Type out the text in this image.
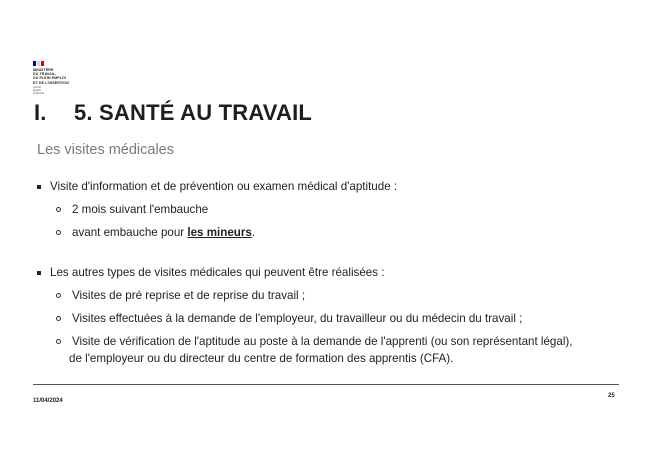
MINISTÈRE
DU TRAVAIL,
DU PLEIN EMPLOI
ET DE L'INSERTION
Liberté
Égalité
Fraternité
I. 5. SANTÉ AU TRAVAIL
Les visites médicales
Visite d'information et de prévention ou examen médical d'aptitude :
2 mois suivant l'embauche
avant embauche pour les mineurs.
Les autres types de visites médicales qui peuvent être réalisées :
Visites de pré reprise et de reprise du travail ;
Visites effectuées à la demande de l'employeur, du travailleur ou du médecin du travail ;
Visite de vérification de l'aptitude au poste à la demande de l'apprenti (ou son représentant légal),
de l'employeur ou du directeur du centre de formation des apprentis (CFA).
11/04/2024
25
